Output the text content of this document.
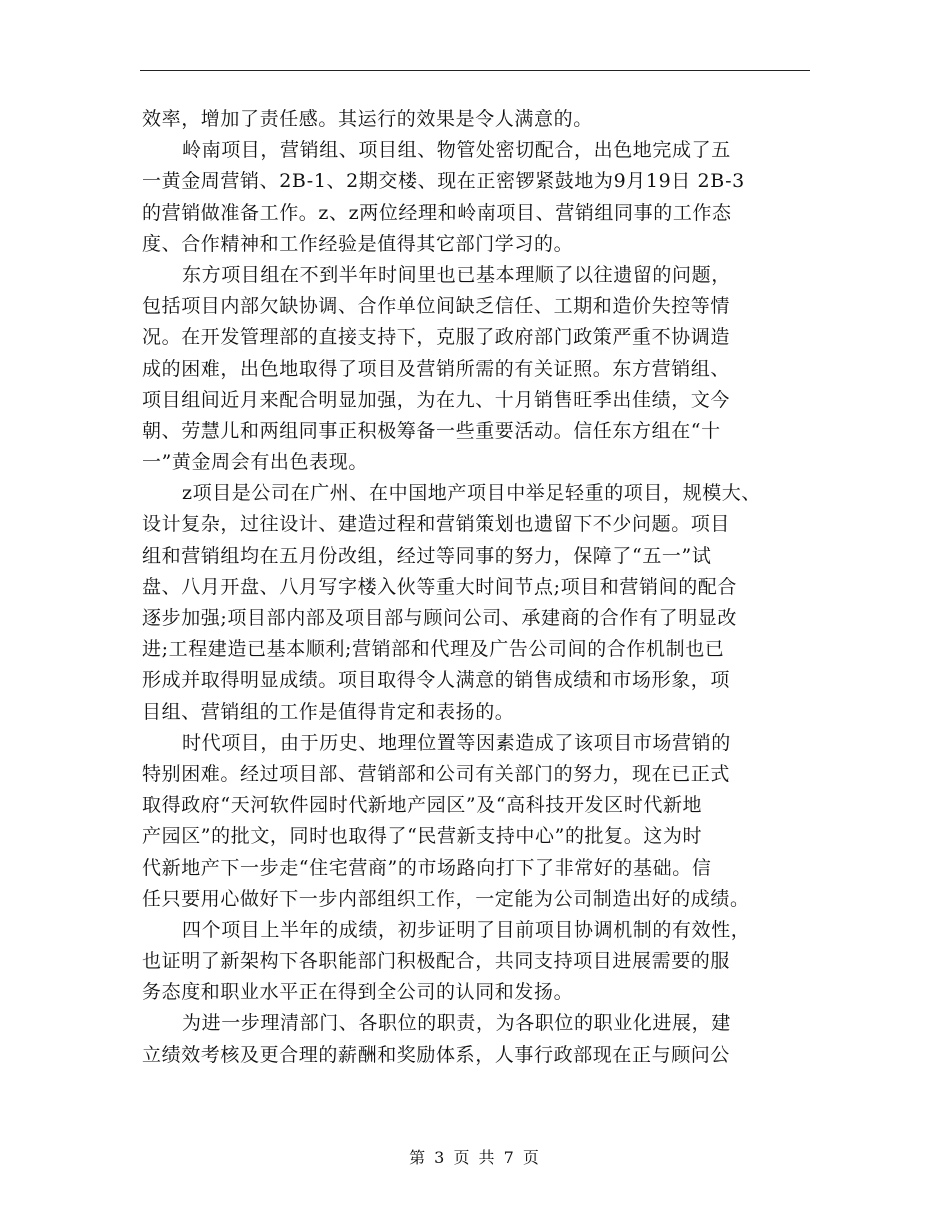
效率，增加了责任感。其运行的效果是令人满意的。
岭南项目，营销组、项目组、物管处密切配合，出色地完成了五
一黄金周营销、2B-1、2期交楼、现在正密锣紧鼓地为9月19日 2B-3
的营销做准备工作。z、z两位经理和岭南项目、营销组同事的工作态
度、合作精神和工作经验是值得其它部门学习的。
东方项目组在不到半年时间里也已基本理顺了以往遗留的问题，
包括项目内部欠缺协调、合作单位间缺乏信任、工期和造价失控等情
况。在开发管理部的直接支持下，克服了政府部门政策严重不协调造
成的困难，出色地取得了项目及营销所需的有关证照。东方营销组、
项目组间近月来配合明显加强，为在九、十月销售旺季出佳绩，文今
朝、劳慧儿和两组同事正积极筹备一些重要活动。信任东方组在“十
一”黄金周会有出色表现。
z项目是公司在广州、在中国地产项目中举足轻重的项目，规模大、
设计复杂，过往设计、建造过程和营销策划也遗留下不少问题。项目
组和营销组均在五月份改组，经过等同事的努力，保障了“五一”试
盘、八月开盘、八月写字楼入伙等重大时间节点;项目和营销间的配合
逐步加强;项目部内部及项目部与顾问公司、承建商的合作有了明显改
进;工程建造已基本顺利;营销部和代理及广告公司间的合作机制也已
形成并取得明显成绩。项目取得令人满意的销售成绩和市场形象，项
目组、营销组的工作是值得肯定和表扬的。
时代项目，由于历史、地理位置等因素造成了该项目市场营销的
特别困难。经过项目部、营销部和公司有关部门的努力，现在已正式
取得政府“天河软件园时代新地产园区”及“高科技开发区时代新地
产园区”的批文，同时也取得了“民营新支持中心”的批复。这为时
代新地产下一步走“住宅营商”的市场路向打下了非常好的基础。信
任只要用心做好下一步内部组织工作，一定能为公司制造出好的成绩。
四个项目上半年的成绩，初步证明了目前项目协调机制的有效性，
也证明了新架构下各职能部门积极配合，共同支持项目进展需要的服
务态度和职业水平正在得到全公司的认同和发扬。
为进一步理清部门、各职位的职责，为各职位的职业化进展，建
立绩效考核及更合理的薪酬和奖励体系，人事行政部现在正与顾问公
第 3 页 共 7 页
